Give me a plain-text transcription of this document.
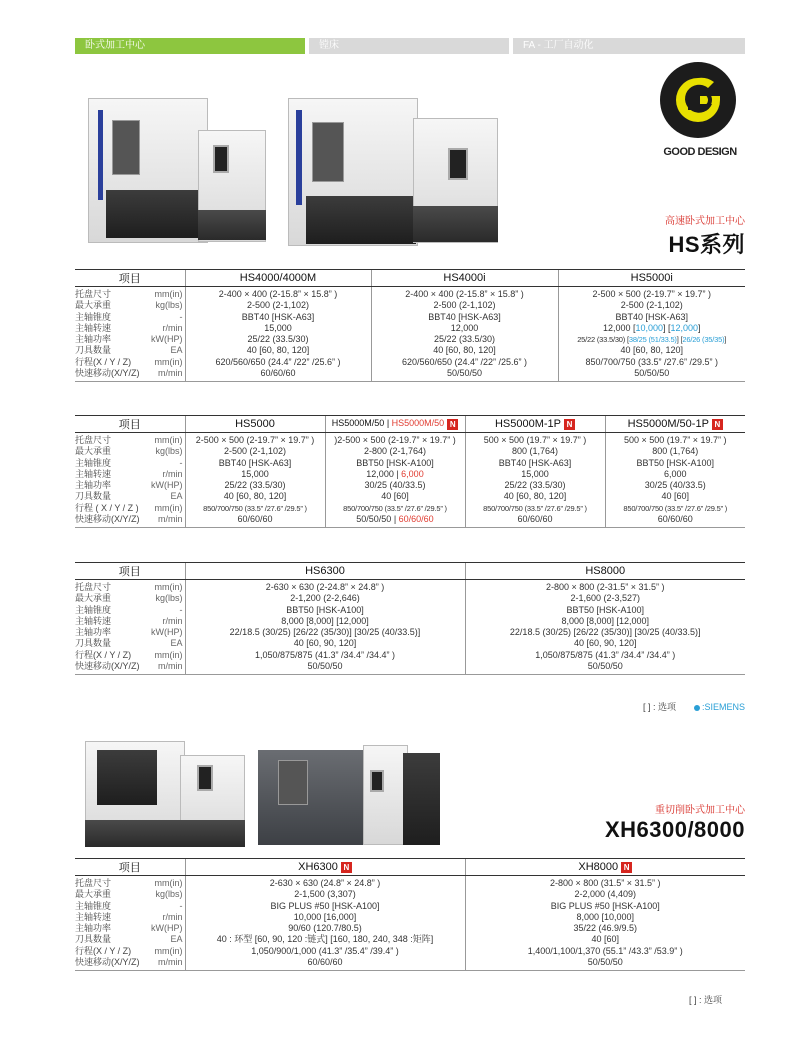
卧式加工中心	镗床	FA - 工厂自动化
GOOD DESIGN
高速卧式加工中心
HS系列
项目		HS4000/4000M	HS4000i	HS5000i
托盘尺寸	mm(in)	2-400 × 400 (2-15.8” × 15.8” )	2-400 × 400 (2-15.8” × 15.8” )	2-500 × 500 (2-19.7” × 19.7” )
最大承重	kg(lbs)	2-500 (2-1,102)	2-500 (2-1,102)	2-500 (2-1,102)
主轴锥度	-	BBT40 [HSK-A63]	BBT40 [HSK-A63]	BBT40 [HSK-A63]
主轴转速	r/min	15,000	12,000	12,000 [10,000] [12,000]
主轴功率	kW(HP)	25/22 (33.5/30)	25/22 (33.5/30)	25/22 (33.5/30) [38/25 (51/33.5)] [26/26 (35/35)]
刀具数量	EA	40 [60, 80, 120]	40 [60, 80, 120]	40 [60, 80, 120]
行程(X / Y / Z)	mm(in)	620/560/650 (24.4” /22” /25.6” )	620/560/650 (24.4” /22” /25.6” )	850/700/750 (33.5” /27.6” /29.5” )
快速移动(X/Y/Z)	m/min	60/60/60	50/50/50	50/50/50
项目		HS5000	HS5000M/50 | HS5000M/50 N	HS5000M-1P N	HS5000M/50-1P N
托盘尺寸	mm(in)	2-500 × 500 (2-19.7” × 19.7” )	)2-500 × 500 (2-19.7” × 19.7” )	500 × 500 (19.7” × 19.7” )	500 × 500 (19.7” × 19.7” )
最大承重	kg(lbs)	2-500 (2-1,102)	2-800 (2-1,764)	800 (1,764)	800 (1,764)
主轴锥度	-	BBT40 [HSK-A63]	BBT50 [HSK-A100]	BBT40 [HSK-A63]	BBT50 [HSK-A100]
主轴转速	r/min	15,000	12,000 | 6,000	15,000	6,000
主轴功率	kW(HP)	25/22 (33.5/30)	30/25 (40/33.5)	25/22 (33.5/30)	30/25 (40/33.5)
刀具数量	EA	40 [60, 80, 120]	40 [60]	40 [60, 80, 120]	40 [60]
行程 ( X / Y / Z )	mm(in)	850/700/750 (33.5” /27.6” /29.5” )	850/700/750 (33.5” /27.6” /29.5” )	850/700/750 (33.5” /27.6” /29.5” )	850/700/750 (33.5” /27.6” /29.5” )
快速移动(X/Y/Z)	m/min	60/60/60	50/50/50 | 60/60/60	60/60/60	60/60/60
项目		HS6300	HS8000
托盘尺寸	mm(in)	2-630 × 630 (2-24.8” × 24.8” )	2-800 × 800 (2-31.5” × 31.5” )
最大承重	kg(lbs)	2-1,200 (2-2,646)	2-1,600 (2-3,527)
主轴锥度	-	BBT50 [HSK-A100]	BBT50 [HSK-A100]
主轴转速	r/min	8,000 [8,000] [12,000]	8,000 [8,000] [12,000]
主轴功率	kW(HP)	22/18.5 (30/25) [26/22 (35/30)] [30/25 (40/33.5)]	22/18.5 (30/25) [26/22 (35/30)] [30/25 (40/33.5)]
刀具数量	EA	40 [60, 90, 120]	40 [60, 90, 120]
行程(X / Y / Z)	mm(in)	1,050/875/875 (41.3” /34.4” /34.4” )	1,050/875/875 (41.3” /34.4” /34.4” )
快速移动(X/Y/Z)	m/min	50/50/50	50/50/50
[ ] : 选项	:SIEMENS
重切削卧式加工中心
XH6300/8000
项目		XH6300 N	XH8000 N
托盘尺寸	mm(in)	2-630 × 630 (24.8” × 24.8” )	2-800 × 800 (31.5” × 31.5” )
最大承重	kg(lbs)	2-1,500 (3,307)	2-2,000 (4,409)
主轴锥度	-	BIG PLUS #50 [HSK-A100]	BIG PLUS #50 [HSK-A100]
主轴转速	r/min	10,000 [16,000]	8,000 [10,000]
主轴功率	kW(HP)	90/60 (120.7/80.5)	35/22 (46.9/9.5)
刀具数量	EA	40 : 环型 [60, 90, 120 :链式] [160, 180, 240, 348 :矩阵]	40 [60]
行程(X / Y / Z)	mm(in)	1,050/900/1,000 (41.3” /35.4” /39.4” )	1,400/1,100/1,370 (55.1” /43.3” /53.9” )
快速移动(X/Y/Z)	m/min	60/60/60	50/50/50
[ ] : 选项
